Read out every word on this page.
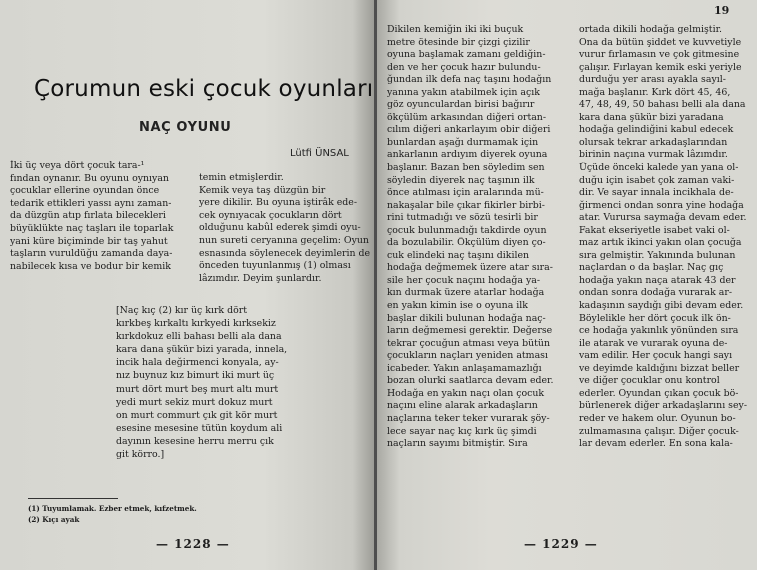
Çorumun eski çocuk oyunları
NAÇ OYUNU
Lütfi ÜNSAL
İki üç veya dört çocuk tara-¹
fından oynanır. Bu oyunu oynıyan
çocuklar ellerine oyundan önce
tedarik ettikleri yassı aynı zaman-
da düzgün atıp fırlata bilecekleri
büyüklükte naç taşları ile toparlak
yani küre biçiminde bir taş yahut
taşların vuruldüğu zamanda daya-
nabilecek kısa ve bodur bir kemik
temin etmişlerdir.
Kemik veya taş düzgün bir
yere dikilir. Bu oyuna iştirâk ede-
cek oynıyacak çocukların dört
olduğunu kabûl ederek şimdi oyu-
nun sureti ceryanına geçelim: Oyun
esnasında söylenecek deyimlerin de
önceden tuyunlanmış (1) olması
lâzımdır. Deyim şunlardır.
[Naç kıç (2) kır üç kırk dört
kırkbeş kırkaltı kırkyedi kırksekiz
kırkdokuz elli bahası belli ala dana
kara dana şükür bizi yarada, innela,
incik hala değirmenci konyala, ay-
nız buynuz kız bimurt iki murt üç
murt dört murt beş murt altı murt
yedi murt sekiz murt dokuz murt
on murt commurt çık git kör murt
esesine mesesine tütün koydum ali
dayının kesesine herru merru çık
git körro.]
(1) Tuyumlamak. Ezber etmek, kıfzetmek.
(2) Kıçı ayak
— 1228 —
19
Dikilen kemiğin iki iki buçuk
metre ötesinde bir çizgi çizilir
oyuna başlamak zamanı geldiğin-
den ve her çocuk hazır bulundu-
ğundan ilk defa naç taşını hodağın
yanına yakın atabilmek için açık
göz oyunculardan birisi bağırır
ökçülüm arkasından diğeri ortan-
cılım diğeri ankarlayım obir diğeri
bunlardan aşağı durmamak için
ankarlanın ardıyım diyerek oyuna
başlanır. Bazan ben söyledim sen
söyledin diyerek naç taşının ilk
önce atılması için aralarında mü-
nakaşalar bile çıkar fikirler birbi-
rini tutmadığı ve sözü tesirli bir
çocuk bulunmadığı takdirde oyun
da bozulabilir. Ökçülüm diyen ço-
cuk elindeki naç taşını dikilen
hodağa değmemek üzere atar sıra-
sile her çocuk naçını hodağa ya-
kın durmak üzere atarlar hodağa
en yakın kimin ise o oyuna ilk
başlar dikili bulunan hodağa naç-
ların değmemesi gerektir. Değerse
tekrar çocuğun atması veya bütün
çocukların naçları yeniden atması
icabeder. Yakın anlaşamamazlığı
bozan olurki saatlarca devam eder.
Hodağa en yakın naçı olan çocuk
naçını eline alarak arkadaşların
naçlarına teker teker vurarak şöy-
lece sayar naç kıç kırk üç şimdi
naçların sayımı bitmiştir. Sıra
ortada dikili hodağa gelmiştir.
Ona da bütün şiddet ve kuvvetiyle
vurur fırlamasın ve çok gitmesine
çalışır. Fırlayan kemik eski yeriyle
durduğu yer arası ayakla sayıl-
mağa başlanır. Kırk dört 45, 46,
47, 48, 49, 50 bahası belli ala dana
kara dana şükür bizi yaradana
hodağa gelindiğini kabul edecek
olursak tekrar arkadaşlarından
birinin naçına vurmak lâzımdır.
Üçüde önceki kalede yan yana ol-
duğu için isabet çok zaman vaki-
dir. Ve sayar innala incikhala de-
ğirmenci ondan sonra yine hodağa
atar. Vurursa saymağa devam eder.
Fakat ekseriyetle isabet vaki ol-
maz artık ikinci yakın olan çocuğa
sıra gelmiştir. Yakınında bulunan
naçlardan o da başlar. Naç gıç
hodağa yakın naça atarak 43 der
ondan sonra dodağa vurarak ar-
kadaşının saydığı gibi devam eder.
Böylelikle her dört çocuk ilk ön-
ce hodağa yakınlık yönünden sıra
ile atarak ve vurarak oyuna de-
vam edilir. Her çocuk hangi sayı
ve deyimde kaldığını bizzat beller
ve diğer çocuklar onu kontrol
ederler. Oyundan çıkan çocuk bö-
bürlenerek diğer arkadaşlarını sey-
reder ve hakem olur. Oyunun bo-
zulmamasına çalışır. Diğer çocuk-
lar devam ederler. En sona kala-
— 1229 —
